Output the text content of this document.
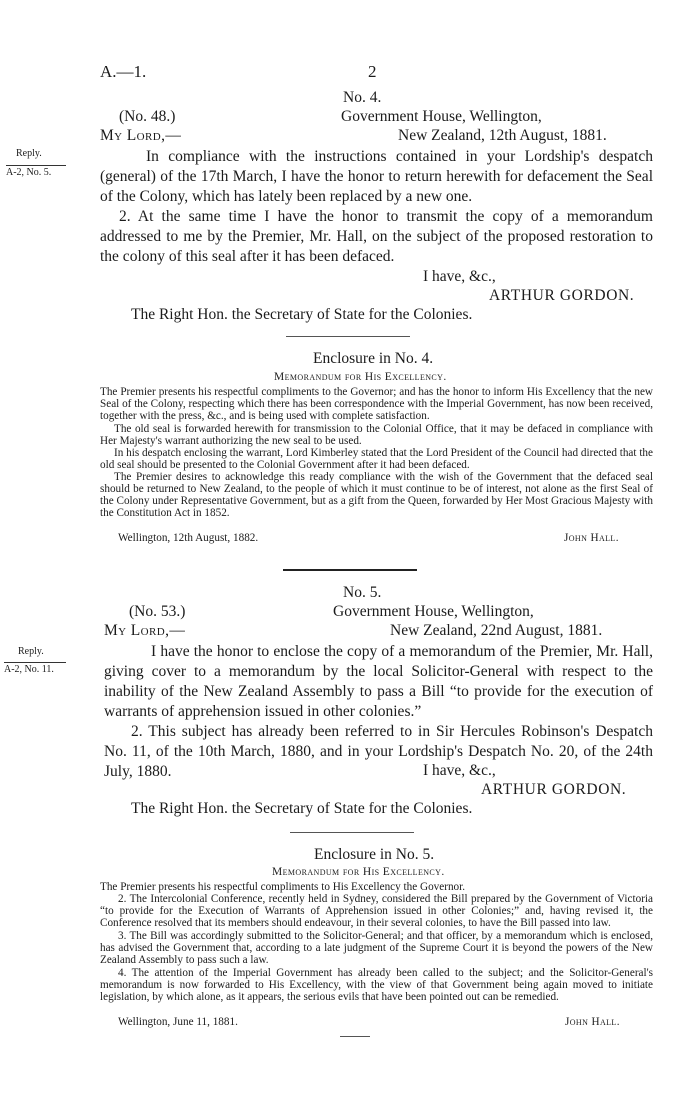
A.—1.	2
No. 4.
(No. 48.)	Government House, Wellington,
My Lord,—	New Zealand, 12th August, 1881.
Reply.
A-2, No. 5.

In compliance with the instructions contained in your Lordship's despatch (general) of the 17th March, I have the honor to return herewith for defacement the Seal of the Colony, which has lately been replaced by a new one.

2. At the same time I have the honor to transmit the copy of a memorandum addressed to me by the Premier, Mr. Hall, on the subject of the proposed restoration to the colony of this seal after it has been defaced.

I have, &c.,
ARTHUR GORDON.
The Right Hon. the Secretary of State for the Colonies.
Enclosure in No. 4.
Memorandum for His Excellency.

The Premier presents his respectful compliments to the Governor; and has the honor to inform His Excellency that the new Seal of the Colony, respecting which there has been correspondence with the Imperial Government, has now been received, together with the press, &c., and is being used with complete satisfaction.

The old seal is forwarded herewith for transmission to the Colonial Office, that it may be defaced in compliance with Her Majesty's warrant authorizing the new seal to be used.

In his despatch enclosing the warrant, Lord Kimberley stated that the Lord President of the Council had directed that the old seal should be presented to the Colonial Government after it had been defaced.

The Premier desires to acknowledge this ready compliance with the wish of the Government that the defaced seal should be returned to New Zealand, to the people of which it must continue to be of interest, not alone as the first Seal of the Colony under Representative Government, but as a gift from the Queen, forwarded by Her Most Gracious Majesty with the Constitution Act in 1852.

Wellington, 12th August, 1882.	John Hall.
No. 5.
(No. 53.)	Government House, Wellington,
My Lord,—	New Zealand, 22nd August, 1881.
Reply.
A-2, No. 11.

I have the honor to enclose the copy of a memorandum of the Premier, Mr. Hall, giving cover to a memorandum by the local Solicitor-General with respect to the inability of the New Zealand Assembly to pass a Bill “to provide for the execution of warrants of apprehension issued in other colonies.”

2. This subject has already been referred to in Sir Hercules Robinson's Despatch No. 11, of the 10th March, 1880, and in your Lordship's Despatch No. 20, of the 24th July, 1880.	I have, &c.,
ARTHUR GORDON.
The Right Hon. the Secretary of State for the Colonies.
Enclosure in No. 5.
Memorandum for His Excellency.

The Premier presents his respectful compliments to His Excellency the Governor.

2. The Intercolonial Conference, recently held in Sydney, considered the Bill prepared by the Government of Victoria “to provide for the Execution of Warrants of Apprehension issued in other Colonies;” and, having revised it, the Conference resolved that its members should endeavour, in their several colonies, to have the Bill passed into law.

3. The Bill was accordingly submitted to the Solicitor-General; and that officer, by a memorandum which is enclosed, has advised the Government that, according to a late judgment of the Supreme Court it is beyond the powers of the New Zealand Assembly to pass such a law.

4. The attention of the Imperial Government has already been called to the subject; and the Solicitor-General's memorandum is now forwarded to His Excellency, with the view of that Government being again moved to initiate legislation, by which alone, as it appears, the serious evils that have been pointed out can be remedied.

Wellington, June 11, 1881.	John Hall.
